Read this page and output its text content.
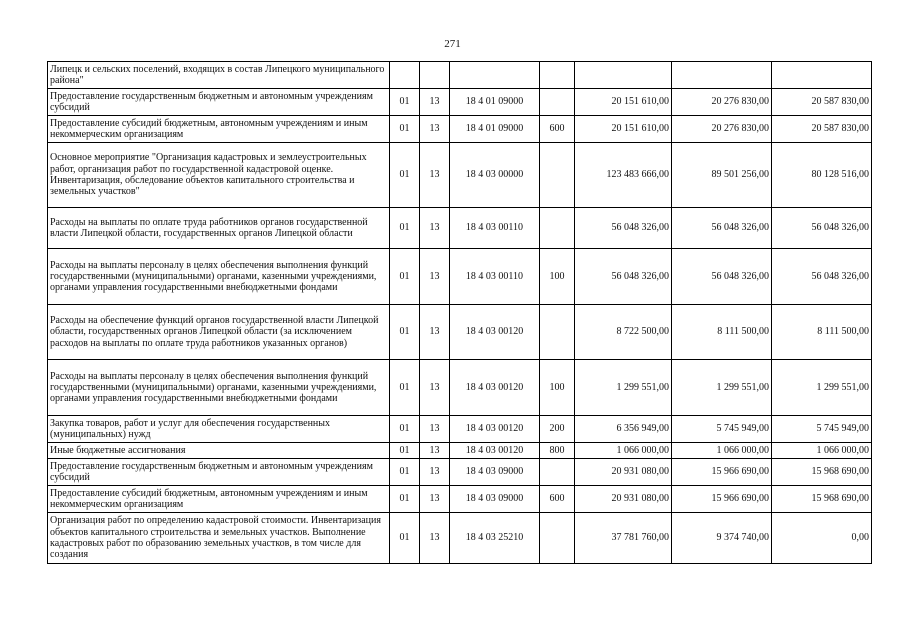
271
Липецк и сельских поселений, входящих в состав Липецкого муниципального района"							
Предоставление государственным бюджетным и автономным учреждениям субсидий	01	13	18 4 01 09000		20 151 610,00	20 276 830,00	20 587 830,00
Предоставление субсидий бюджетным, автономным учреждениям и иным некоммерческим организациям	01	13	18 4 01 09000	600	20 151 610,00	20 276 830,00	20 587 830,00
Основное мероприятие "Организация кадастровых и землеустроительных работ, организация работ по государственной кадастровой оценке. Инвентаризация, обследование объектов капитального строительства и земельных участков"	01	13	18 4 03 00000		123 483 666,00	89 501 256,00	80 128 516,00
Расходы на выплаты по оплате труда работников органов государственной власти Липецкой области, государственных органов Липецкой области	01	13	18 4 03 00110		56 048 326,00	56 048 326,00	56 048 326,00
Расходы на выплаты персоналу в целях обеспечения выполнения функций государственными (муниципальными) органами, казенными учреждениями, органами управления государственными внебюджетными фондами	01	13	18 4 03 00110	100	56 048 326,00	56 048 326,00	56 048 326,00
Расходы на обеспечение функций органов государственной власти Липецкой области, государственных органов Липецкой области (за исключением расходов на выплаты по оплате труда работников указанных органов)	01	13	18 4 03 00120		8 722 500,00	8 111 500,00	8 111 500,00
Расходы на выплаты персоналу в целях обеспечения выполнения функций государственными (муниципальными) органами, казенными учреждениями, органами управления государственными внебюджетными фондами	01	13	18 4 03 00120	100	1 299 551,00	1 299 551,00	1 299 551,00
Закупка товаров, работ и услуг для обеспечения государственных (муниципальных) нужд	01	13	18 4 03 00120	200	6 356 949,00	5 745 949,00	5 745 949,00
Иные бюджетные ассигнования	01	13	18 4 03 00120	800	1 066 000,00	1 066 000,00	1 066 000,00
Предоставление государственным бюджетным и автономным учреждениям субсидий	01	13	18 4 03 09000		20 931 080,00	15 966 690,00	15 968 690,00
Предоставление субсидий бюджетным, автономным учреждениям и иным некоммерческим организациям	01	13	18 4 03 09000	600	20 931 080,00	15 966 690,00	15 968 690,00
Организация работ по определению кадастровой стоимости. Инвентаризация объектов капитального строительства и земельных участков. Выполнение кадастровых работ по образованию земельных участков, в том числе для создания	01	13	18 4 03 25210		37 781 760,00	9 374 740,00	0,00
